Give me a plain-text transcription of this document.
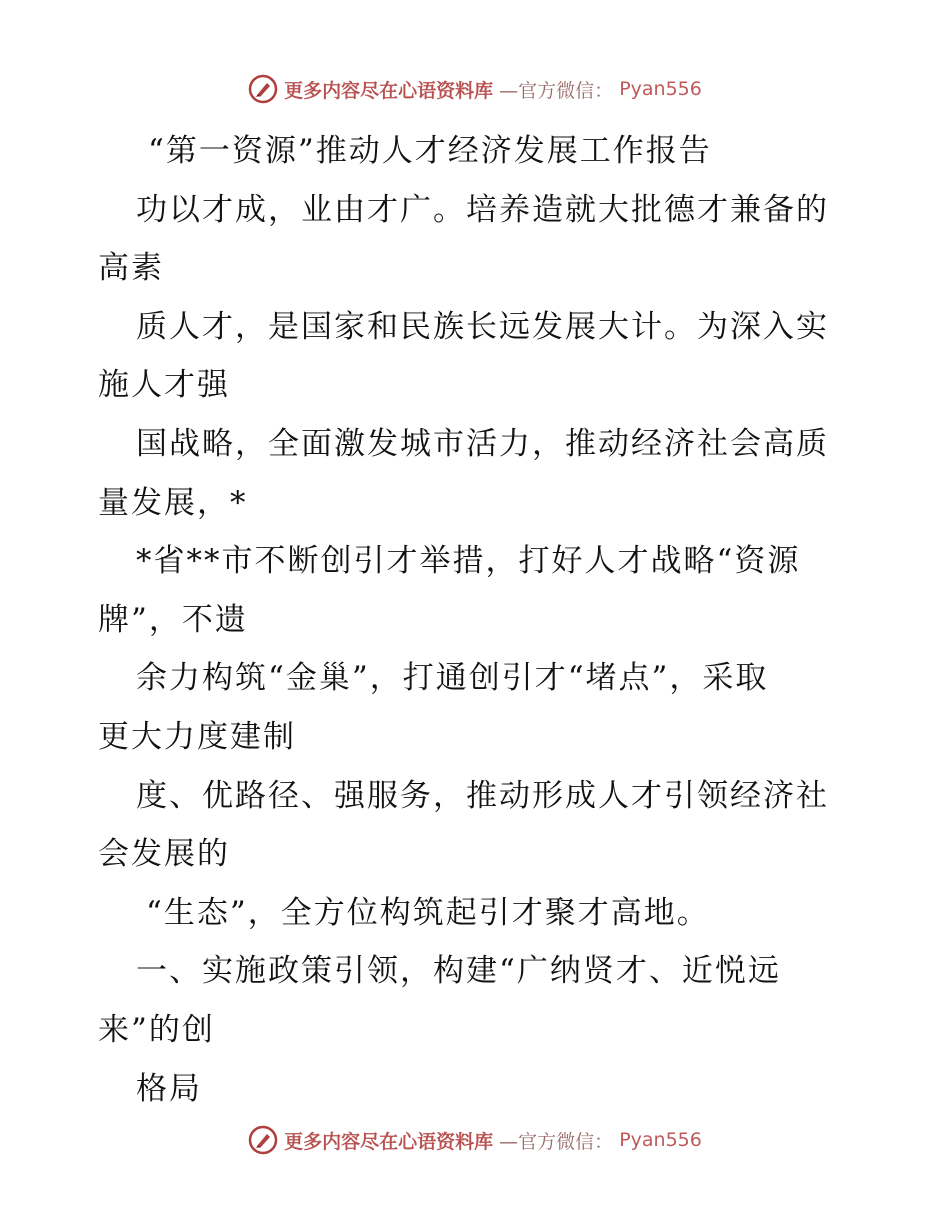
更多内容尽在心语资料库 —官方微信： Pyan556
“第一资源”推动人才经济发展工作报告
功以才成，业由才广。培养造就大批德才兼备的
高素
质人才，是国家和民族长远发展大计。为深入实
施人才强
国战略，全面激发城市活力，推动经济社会高质
量发展，*
*省**市不断创引才举措，打好人才战略“资源
牌”，不遗
余力构筑“金巢”，打通创引才“堵点”，采取
更大力度建制
度、优路径、强服务，推动形成人才引领经济社
会发展的
“生态”，全方位构筑起引才聚才高地。
一、实施政策引领，构建“广纳贤才、近悦远
来”的创
格局
更多内容尽在心语资料库 —官方微信： Pyan556
